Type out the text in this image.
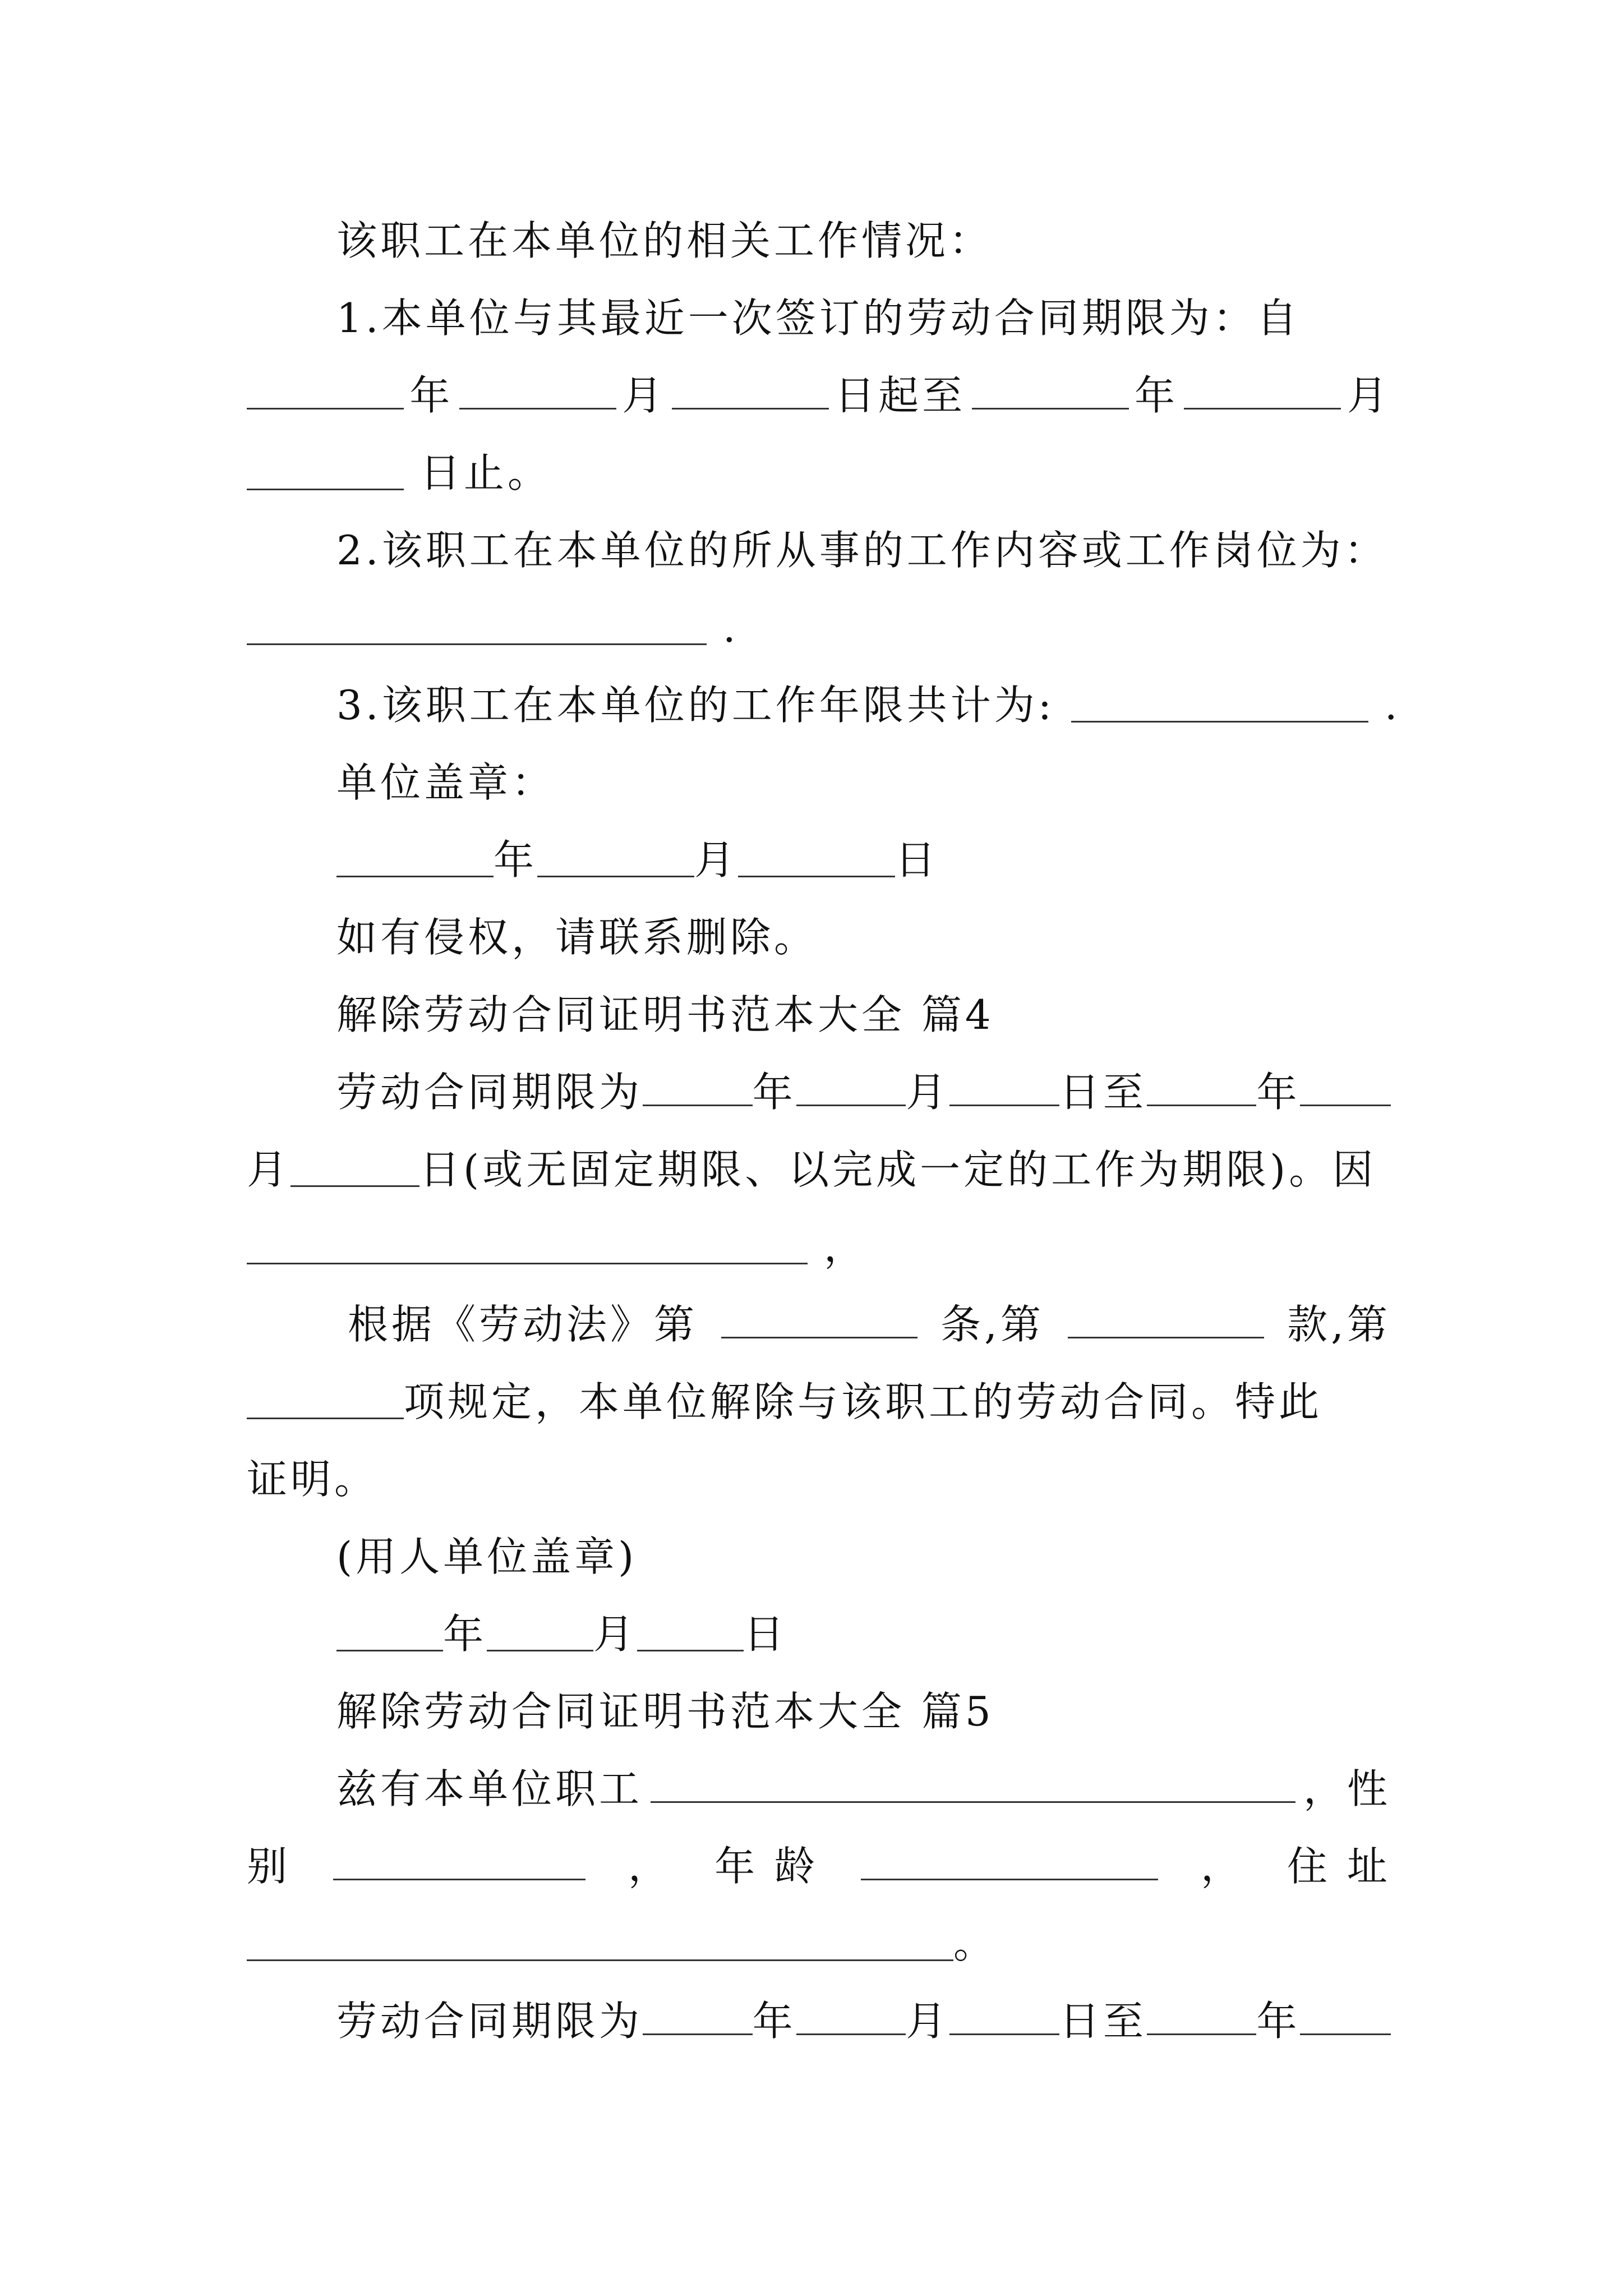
该职工在本单位的相关工作情况：
1.本单位与其最近一次签订的劳动合同期限为：自
年	月	日起至	年	月
日止。
2.该职工在本单位的所从事的工作内容或工作岗位为：
.
3.该职工在本单位的工作年限共计为:	.
单位盖章：
年	月	日
如有侵权，请联系删除。
解除劳动合同证明书范本大全 篇4
劳动合同期限为	年	月	日至	年
月	日(或无固定期限、以完成一定的工作为期限)。因
，
根据《劳动法》第	条,第	款,第
项规定，本单位解除与该职工的劳动合同。特此
证明。
(用人单位盖章)
年	月	日
解除劳动合同证明书范本大全 篇5
兹有本单位职工	，性
别	， 年 龄	， 住 址
。
劳动合同期限为	年	月	日至	年
